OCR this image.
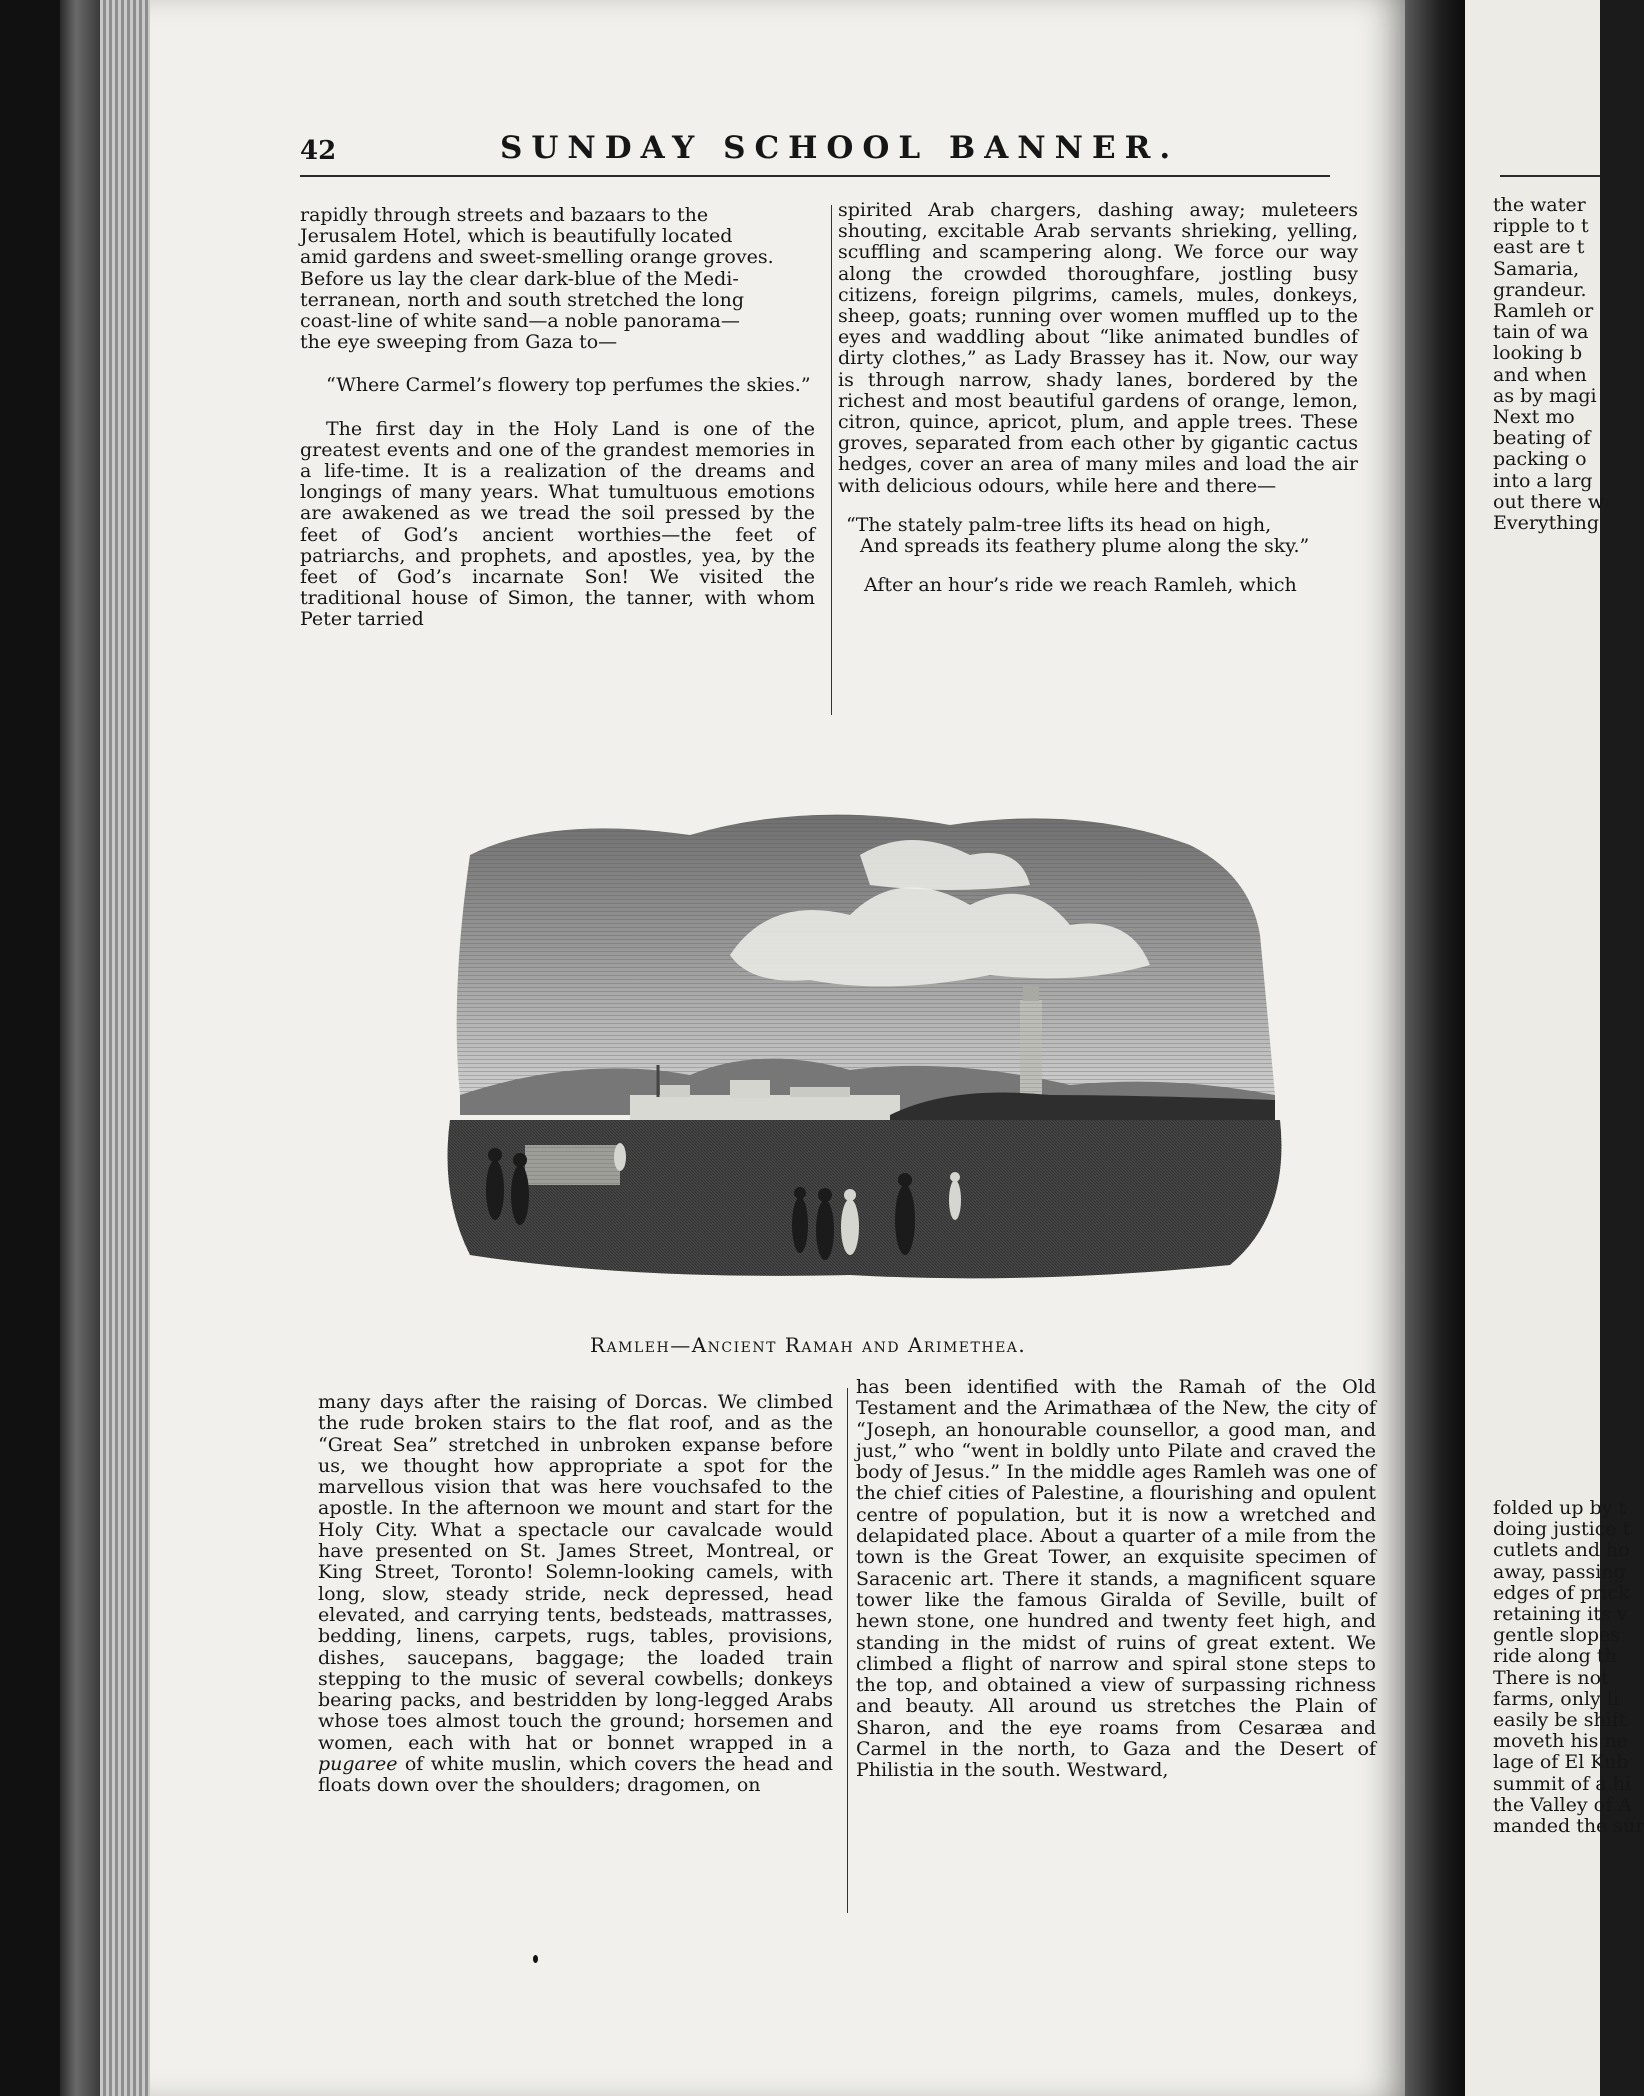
42	SUNDAY SCHOOL BANNER.

rapidly through streets and bazaars to the

Jerusalem Hotel, which is beautifully located

amid gardens and sweet-smelling orange groves.

Before us lay the clear dark-blue of the Medi-

terranean, north and south stretched the long

coast-line of white sand—a noble panorama—

the eye sweeping from Gaza to—

“Where Carmel’s flowery top perfumes the skies.”

The first day in the Holy Land is one of the greatest events and one of the grandest memories in a life-time. It is a realization of the dreams and longings of many years. What tumultuous emotions are awakened as we tread the soil pressed by the feet of God’s ancient worthies—the feet of patriarchs, and prophets, and apostles, yea, by the feet of God’s incarnate Son! We visited the traditional house of Simon, the tanner, with whom Peter tarried

spirited Arab chargers, dashing away; muleteers shouting, excitable Arab servants shrieking, yelling, scuffling and scampering along. We force our way along the crowded thoroughfare, jostling busy citizens, foreign pilgrims, camels, mules, donkeys, sheep, goats; running over women muffled up to the eyes and waddling about “like animated bundles of dirty clothes,” as Lady Brassey has it. Now, our way is through narrow, shady lanes, bordered by the richest and most beautiful gardens of orange, lemon, citron, quince, apricot, plum, and apple trees. These groves, separated from each other by gigantic cactus hedges, cover an area of many miles and load the air with delicious odours, while here and there—

“The stately palm-tree lifts its head on high,
And spreads its feathery plume along the sky.”

After an hour’s ride we reach Ramleh, which

Ramleh—Ancient Ramah and Arimethea.

many days after the raising of Dorcas. We climbed the rude broken stairs to the flat roof, and as the “Great Sea” stretched in unbroken expanse before us, we thought how appropriate a spot for the marvellous vision that was here vouchsafed to the apostle. In the afternoon we mount and start for the Holy City. What a spectacle our cavalcade would have presented on St. James Street, Montreal, or King Street, Toronto! Solemn-looking camels, with long, slow, steady stride, neck depressed, head elevated, and carrying tents, bedsteads, mattrasses, bedding, linens, carpets, rugs, tables, provisions, dishes, saucepans, baggage; the loaded train stepping to the music of several cowbells; donkeys bearing packs, and bestridden by long-legged Arabs whose toes almost touch the ground; horsemen and women, each with hat or bonnet wrapped in a pugaree of white muslin, which covers the head and floats down over the shoulders; dragomen, on

has been identified with the Ramah of the Old Testament and the Arimathæa of the New, the city of “Joseph, an honourable counsellor, a good man, and just,” who “went in boldly unto Pilate and craved the body of Jesus.” In the middle ages Ramleh was one of the chief cities of Palestine, a flourishing and opulent centre of population, but it is now a wretched and delapidated place. About a quarter of a mile from the town is the Great Tower, an exquisite specimen of Saracenic art. There it stands, a magnificent square tower like the famous Giralda of Seville, built of hewn stone, one hundred and twenty feet high, and standing in the midst of ruins of great extent. We climbed a flight of narrow and spiral stone steps to the top, and obtained a view of surpassing richness and beauty. All around us stretches the Plain of Sharon, and the eye roams from Cesaræa and Carmel in the north, to Gaza and the Desert of Philistia in the south. Westward,

the water
ripple to t
east are t
Samaria,
grandeur.
Ramleh or
tain of wa
looking b
and when
as by magi
Next mo
beating of
packing o
into a larg
out there w
Everything
folded up by t
doing justice t
cutlets and ho
away, passing
edges of prick
retaining its v
gentle slopes
ride along th
There is not
farms, only li
easily be shift
moveth his ne
lage of El Kub
summit of a hi
the Valley of A
manded the sur
